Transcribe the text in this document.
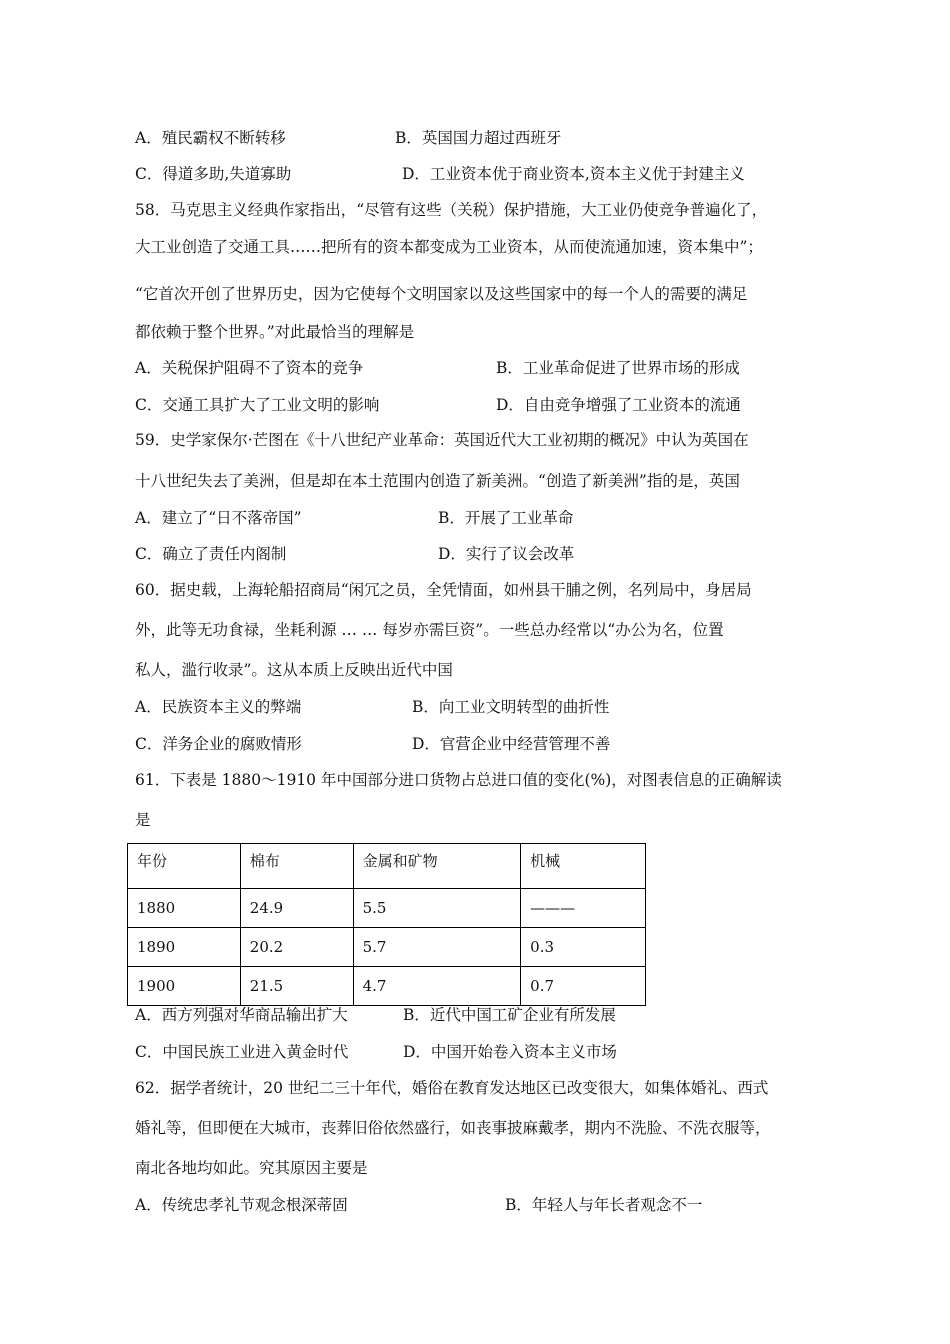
A．殖民霸权不断转移	B．英国国力超过西班牙
C．得道多助,失道寡助	D．工业资本优于商业资本,资本主义优于封建主义
58．马克思主义经典作家指出，“尽管有这些（关税）保护措施，大工业仍使竞争普遍化了，
大工业创造了交通工具……把所有的资本都变成为工业资本，从而使流通加速，资本集中”；
“它首次开创了世界历史，因为它使每个文明国家以及这些国家中的每一个人的需要的满足
都依赖于整个世界。”对此最恰当的理解是
A．关税保护阻碍不了资本的竞争	B．工业革命促进了世界市场的形成
C．交通工具扩大了工业文明的影响	D．自由竞争增强了工业资本的流通
59．史学家保尔·芒图在《十八世纪产业革命：英国近代大工业初期的概况》中认为英国在
十八世纪失去了美洲，但是却在本土范围内创造了新美洲。“创造了新美洲”指的是，英国
A．建立了“日不落帝国”	B．开展了工业革命
C．确立了责任内阁制	D．实行了议会改革
60．据史载，上海轮船招商局“闲冗之员，全凭情面，如州县干脯之例，名列局中，身居局
外，此等无功食禄，坐耗利源 … … 每岁亦需巨资”。一些总办经常以“办公为名，位置
私人，滥行收录”。这从本质上反映出近代中国
A．民族资本主义的弊端	B．向工业文明转型的曲折性
C．洋务企业的腐败情形	D．官营企业中经营管理不善
61．下表是 1880～1910 年中国部分进口货物占总进口值的变化(%)，对图表信息的正确解读
是
年份	棉布	金属和矿物	机械
1880	24.9	5.5	———
1890	20.2	5.7	0.3
1900	21.5	4.7	0.7
A．西方列强对华商品输出扩大	B．近代中国工矿企业有所发展
C．中国民族工业进入黄金时代	D．中国开始卷入资本主义市场
62．据学者统计，20 世纪二三十年代，婚俗在教育发达地区已改变很大，如集体婚礼、西式
婚礼等，但即便在大城市，丧葬旧俗依然盛行，如丧事披麻戴孝，期内不洗脸、不洗衣服等，
南北各地均如此。究其原因主要是
A．传统忠孝礼节观念根深蒂固	B．年轻人与年长者观念不一
